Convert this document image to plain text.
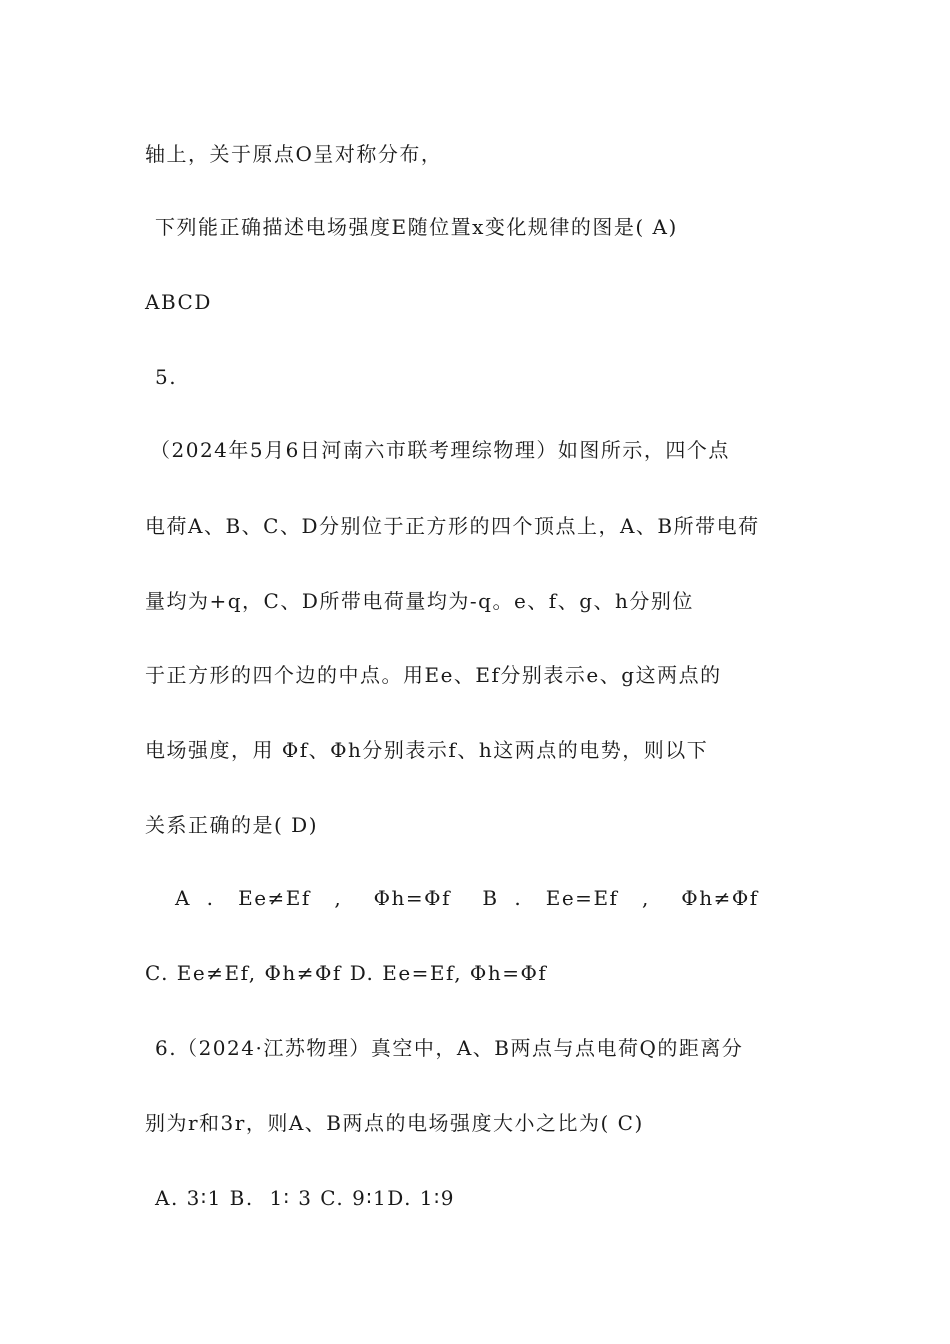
轴上，关于原点O呈对称分布，
下列能正确描述电场强度E随位置x变化规律的图是( A)
ABCD
5.
（2024年5月6日河南六市联考理综物理）如图所示，四个点
电荷A、B、C、D分别位于正方形的四个顶点上，A、B所带电荷
量均为+q，C、D所带电荷量均为-q。e、f、g、h分别位
于正方形的四个边的中点。用Ee、Ef分别表示e、g这两点的
电场强度，用 Φf、Φh分别表示f、h这两点的电势，则以下
关系正确的是( D)
A  .   Ee≠Ef   ,    Φh=Φf    B  .   Ee=Ef   ,    Φh≠Φf
C. Ee≠Ef, Φh≠Φf D. Ee=Ef, Φh=Φf
6.（2024·江苏物理）真空中，A、B两点与点电荷Q的距离分
别为r和3r，则A、B两点的电场强度大小之比为( C)
A. 3∶1 B.  1∶ 3 C. 9∶1D. 1∶9
